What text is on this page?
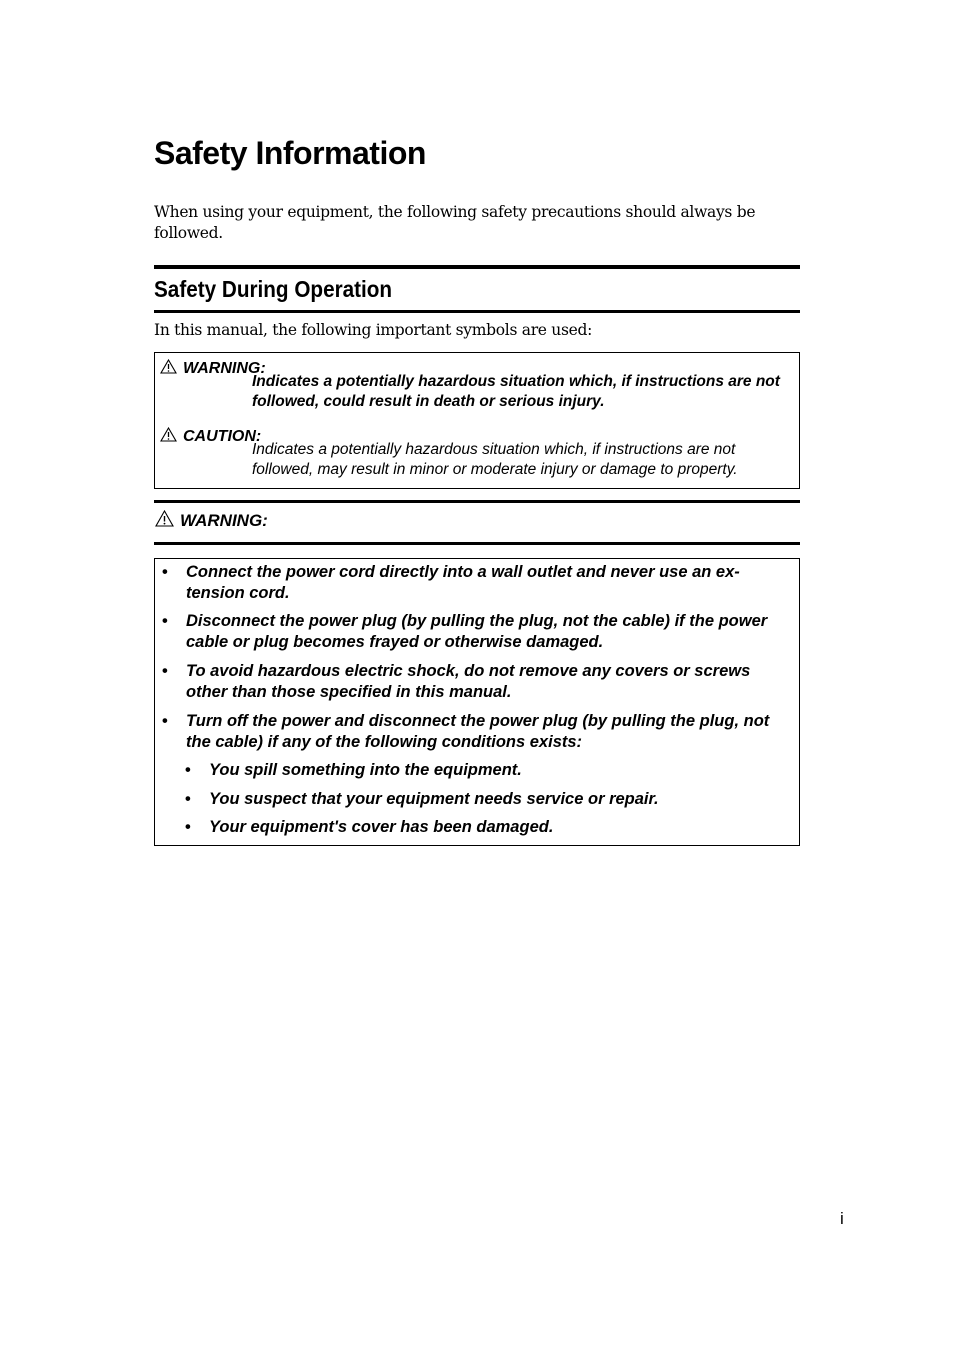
Safety Information

When using your equipment, the following safety precautions should always be followed.

Safety During Operation

In this manual, the following important symbols are used:

WARNING:

Indicates a potentially hazardous situation which, if instructions are not followed, could result in death or serious injury.

CAUTION:

Indicates a potentially hazardous situation which, if instructions are not followed, may result in minor or moderate injury or damage to property.

WARNING:
• Connect the power cord directly into a wall outlet and never use an ex-tension cord.
• Disconnect the power plug (by pulling the plug, not the cable) if the power cable or plug becomes frayed or otherwise damaged.
• To avoid hazardous electric shock, do not remove any covers or screws other than those specified in this manual.
• Turn off the power and disconnect the power plug (by pulling the plug, not the cable) if any of the following conditions exists:
• You spill something into the equipment.
• You suspect that your equipment needs service or repair.
• Your equipment's cover has been damaged.
i
